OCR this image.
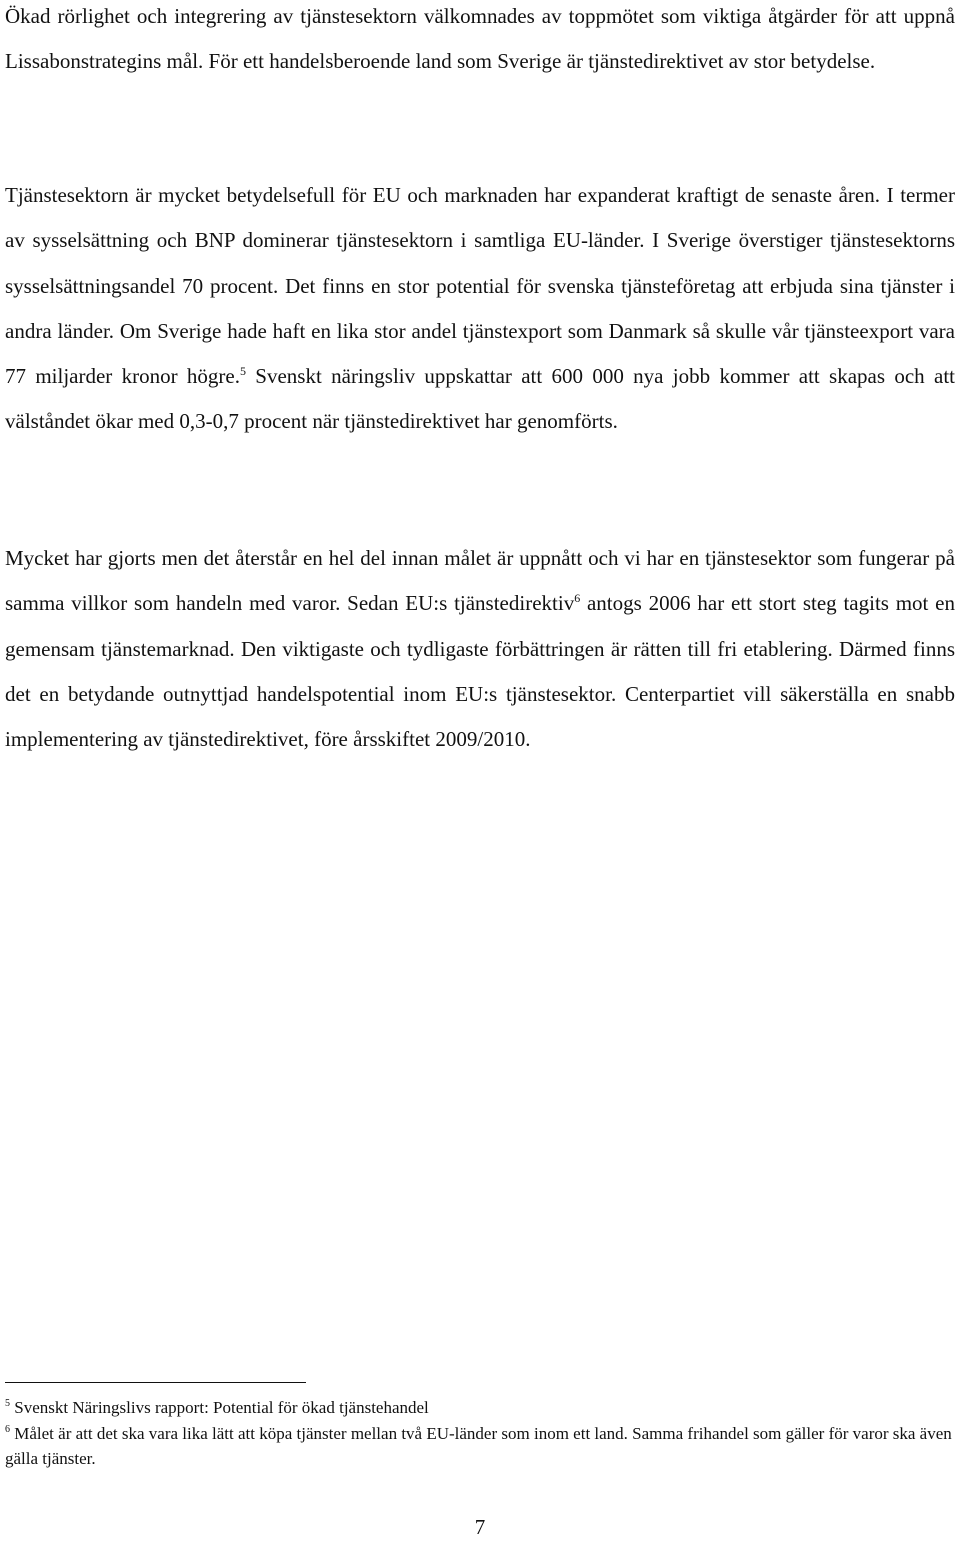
Ökad rörlighet och integrering av tjänstesektorn välkomnades av toppmötet som viktiga åtgärder för att uppnå Lissabonstrategins mål. För ett handelsberoende land som Sverige är tjänstedirektivet av stor betydelse.

Tjänstesektorn är mycket betydelsefull för EU och marknaden har expanderat kraftigt de senaste åren. I termer av sysselsättning och BNP dominerar tjänstesektorn i samtliga EU-länder. I Sverige överstiger tjänstesektorns sysselsättningsandel 70 procent. Det finns en stor potential för svenska tjänsteföretag att erbjuda sina tjänster i andra länder. Om Sverige hade haft en lika stor andel tjänstexport som Danmark så skulle vår tjänsteexport vara 77 miljarder kronor högre.$^5$ Svenskt näringsliv uppskattar att 600 000 nya jobb kommer att skapas och att välståndet ökar med 0,3-0,7 procent när tjänstedirektivet har genomförts.

Mycket har gjorts men det återstår en hel del innan målet är uppnått och vi har en tjänstesektor som fungerar på samma villkor som handeln med varor. Sedan EU:s tjänstedirektiv$^6$ antogs 2006 har ett stort steg tagits mot en gemensam tjänstemarknad. Den viktigaste och tydligaste förbättringen är rätten till fri etablering. Därmed finns det en betydande outnyttjad handelspotential inom EU:s tjänstesektor. Centerpartiet vill säkerställa en snabb implementering av tjänstedirektivet, före årsskiftet 2009/2010.

$^5$ Svenskt Näringslivs rapport: Potential för ökad tjänstehandel

$^6$ Målet är att det ska vara lika lätt att köpa tjänster mellan två EU-länder som inom ett land. Samma frihandel som gäller för varor ska även gälla tjänster.

7
